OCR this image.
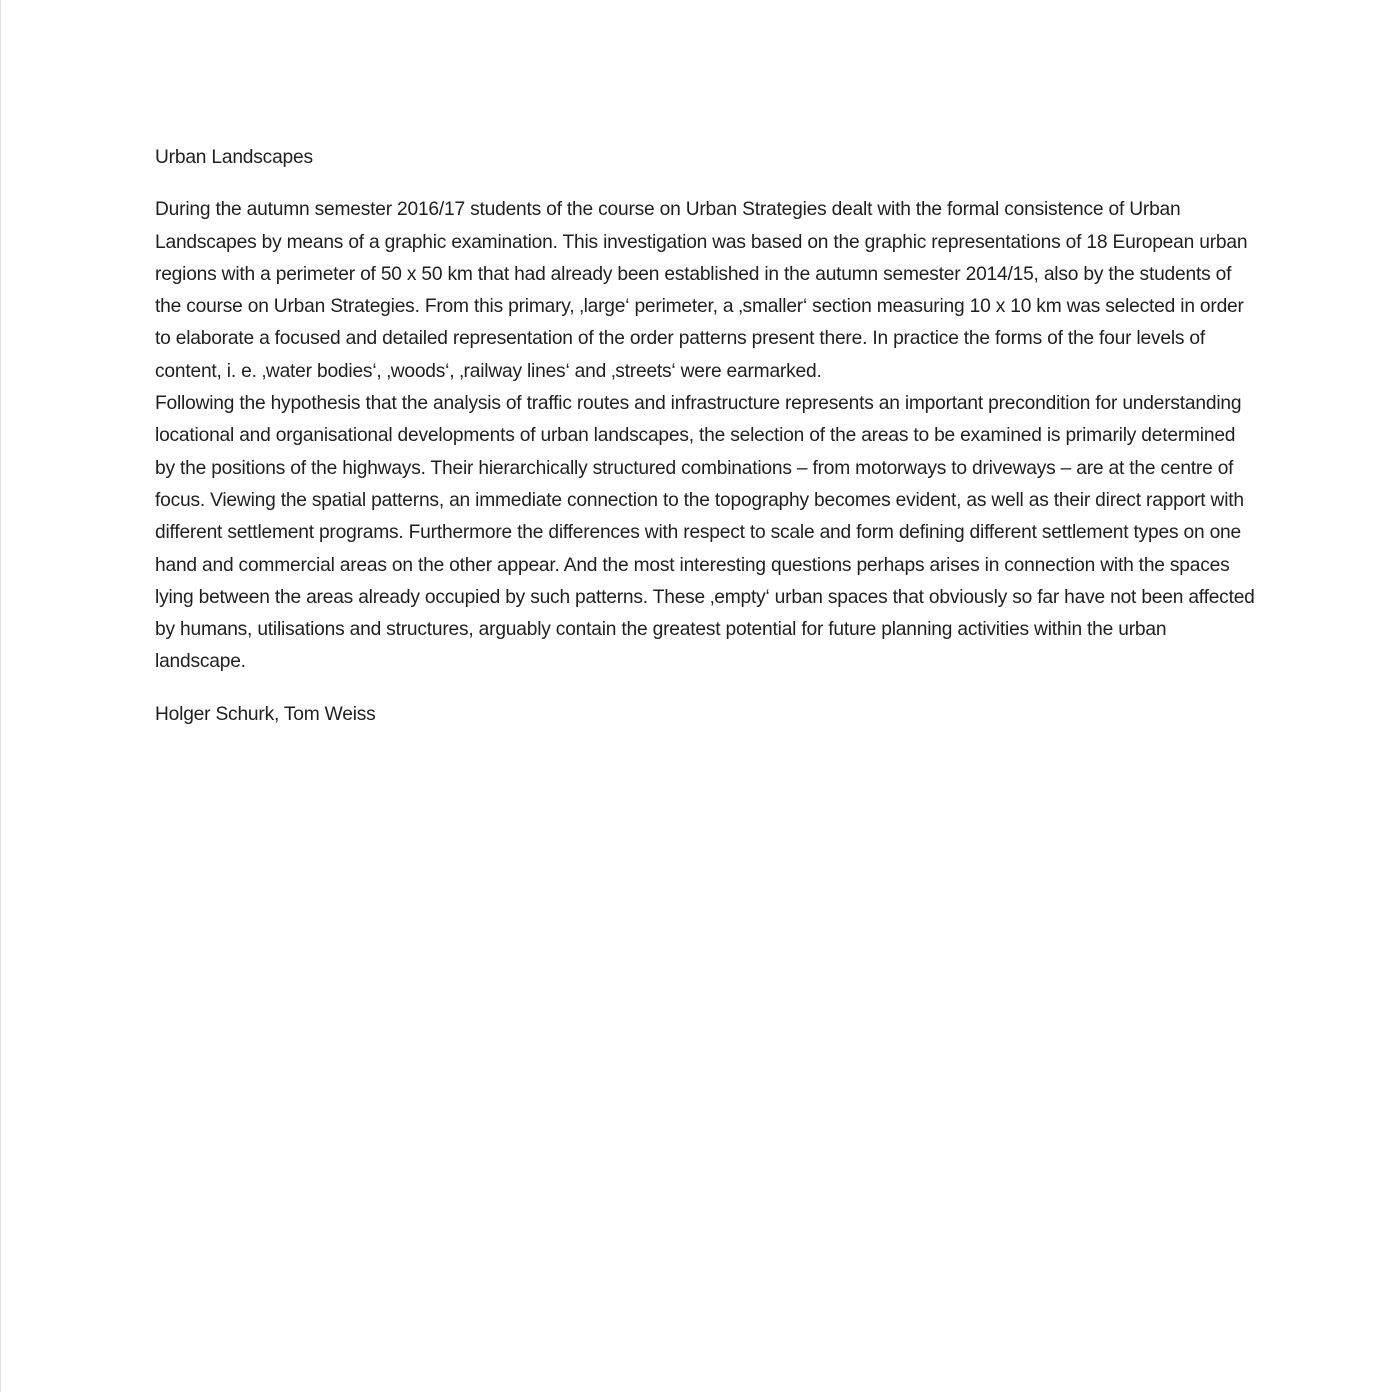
Urban Landscapes

During the autumn semester 2016/17 students of the course on Urban Strategies dealt with the formal consistence of Urban Landscapes by means of a graphic examination. This investigation was based on the graphic representations of 18 European urban regions with a perimeter of 50 x 50 km that had already been established in the autumn semester 2014/15, also by the students of the course on Urban Strategies. From this primary, ‚large‘ perimeter, a ‚smaller‘ section measuring 10 x 10 km was selected in order to elaborate a focused and detailed representation of the order patterns present there. In practice the forms of the four levels of content, i. e. ‚water bodies‘, ‚woods‘, ‚railway lines‘ and ‚streets‘ were earmarked.

Following the hypothesis that the analysis of traffic routes and infrastructure represents an important precondition for understanding locational and organisational developments of urban landscapes, the selection of the areas to be examined is primarily determined by the positions of the highways. Their hierarchically structured combinations – from motorways to driveways – are at the centre of focus. Viewing the spatial patterns, an immediate connection to the topography becomes evident, as well as their direct rapport with different settlement programs. Furthermore the differences with respect to scale and form defining different settlement types on one hand and commercial areas on the other appear. And the most interesting questions perhaps arises in connection with the spaces lying between the areas already occupied by such patterns. These ‚empty‘ urban spaces that obviously so far have not been affected by humans, utilisations and structures, arguably contain the greatest potential for future planning activities within the urban landscape.

Holger Schurk, Tom Weiss
